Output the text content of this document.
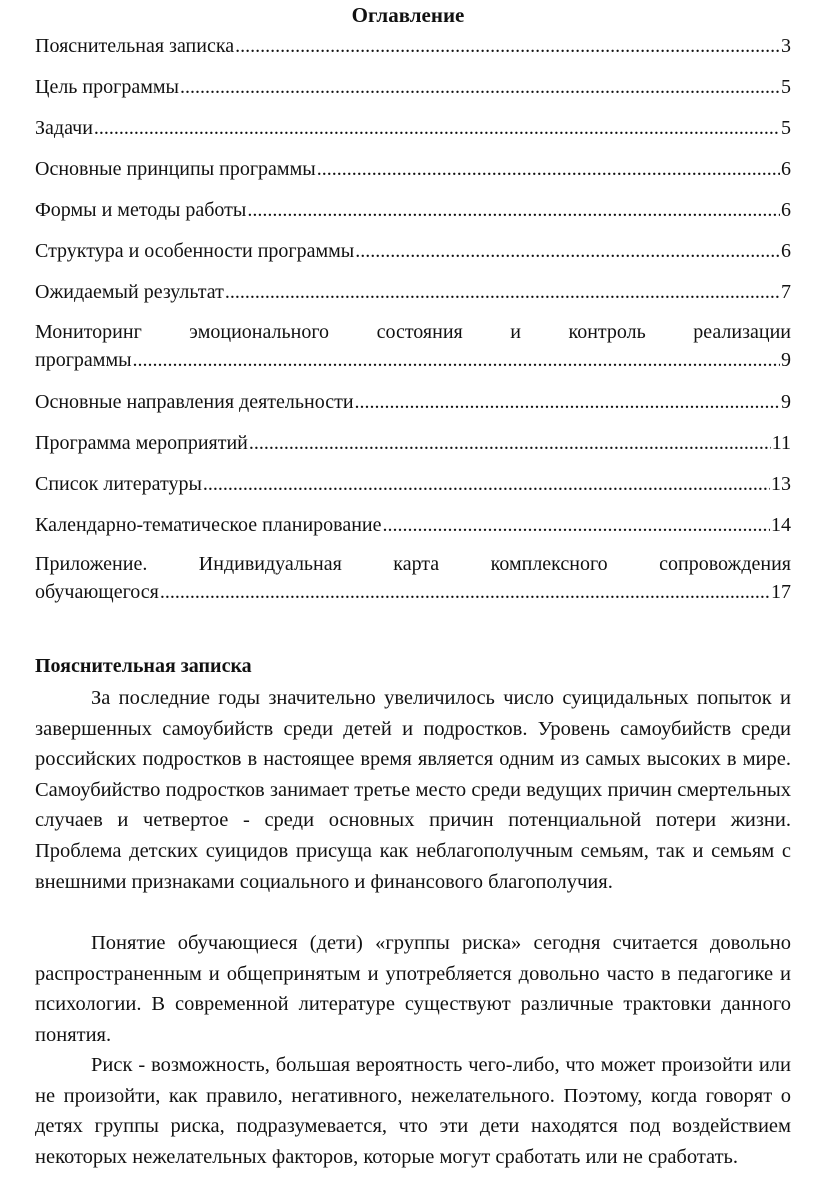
Оглавление
Пояснительная записка .....	3
Цель программы .....	5
Задачи .....	5
Основные принципы программы .....	6
Формы и методы работы .....	6
Структура и особенности программы .....	6
Ожидаемый результат .....	7
Мониторинг эмоционального состояния и контроль реализации
программы .....	9
Основные направления деятельности .....	9
Программа мероприятий .....	11
Список литературы .....	13
Календарно-тематическое планирование .....	14
Приложение. Индивидуальная карта комплексного сопровождения
обучающегося .....	17
Пояснительная записка

За последние годы значительно увеличилось число суицидальных попыток и завершенных самоубийств среди детей и подростков. Уровень самоубийств среди российских подростков в настоящее время является одним из самых высоких в мире. Самоубийство подростков занимает третье место среди ведущих причин смертельных случаев и четвертое - среди основных причин потенциальной потери жизни. Проблема детских суицидов присуща как неблагополучным семьям, так и семьям с внешними признаками социального и финансового благополучия.

Понятие обучающиеся (дети) «группы риска» сегодня считается довольно распространенным и общепринятым и употребляется довольно часто в педагогике и психологии. В современной литературе существуют различные трактовки данного понятия.

Риск - возможность, большая вероятность чего-либо, что может произойти или не произойти, как правило, негативного, нежелательного. Поэтому, когда говорят о детях группы риска, подразумевается, что эти дети находятся под воздействием некоторых нежелательных факторов, которые могут сработать или не сработать.
